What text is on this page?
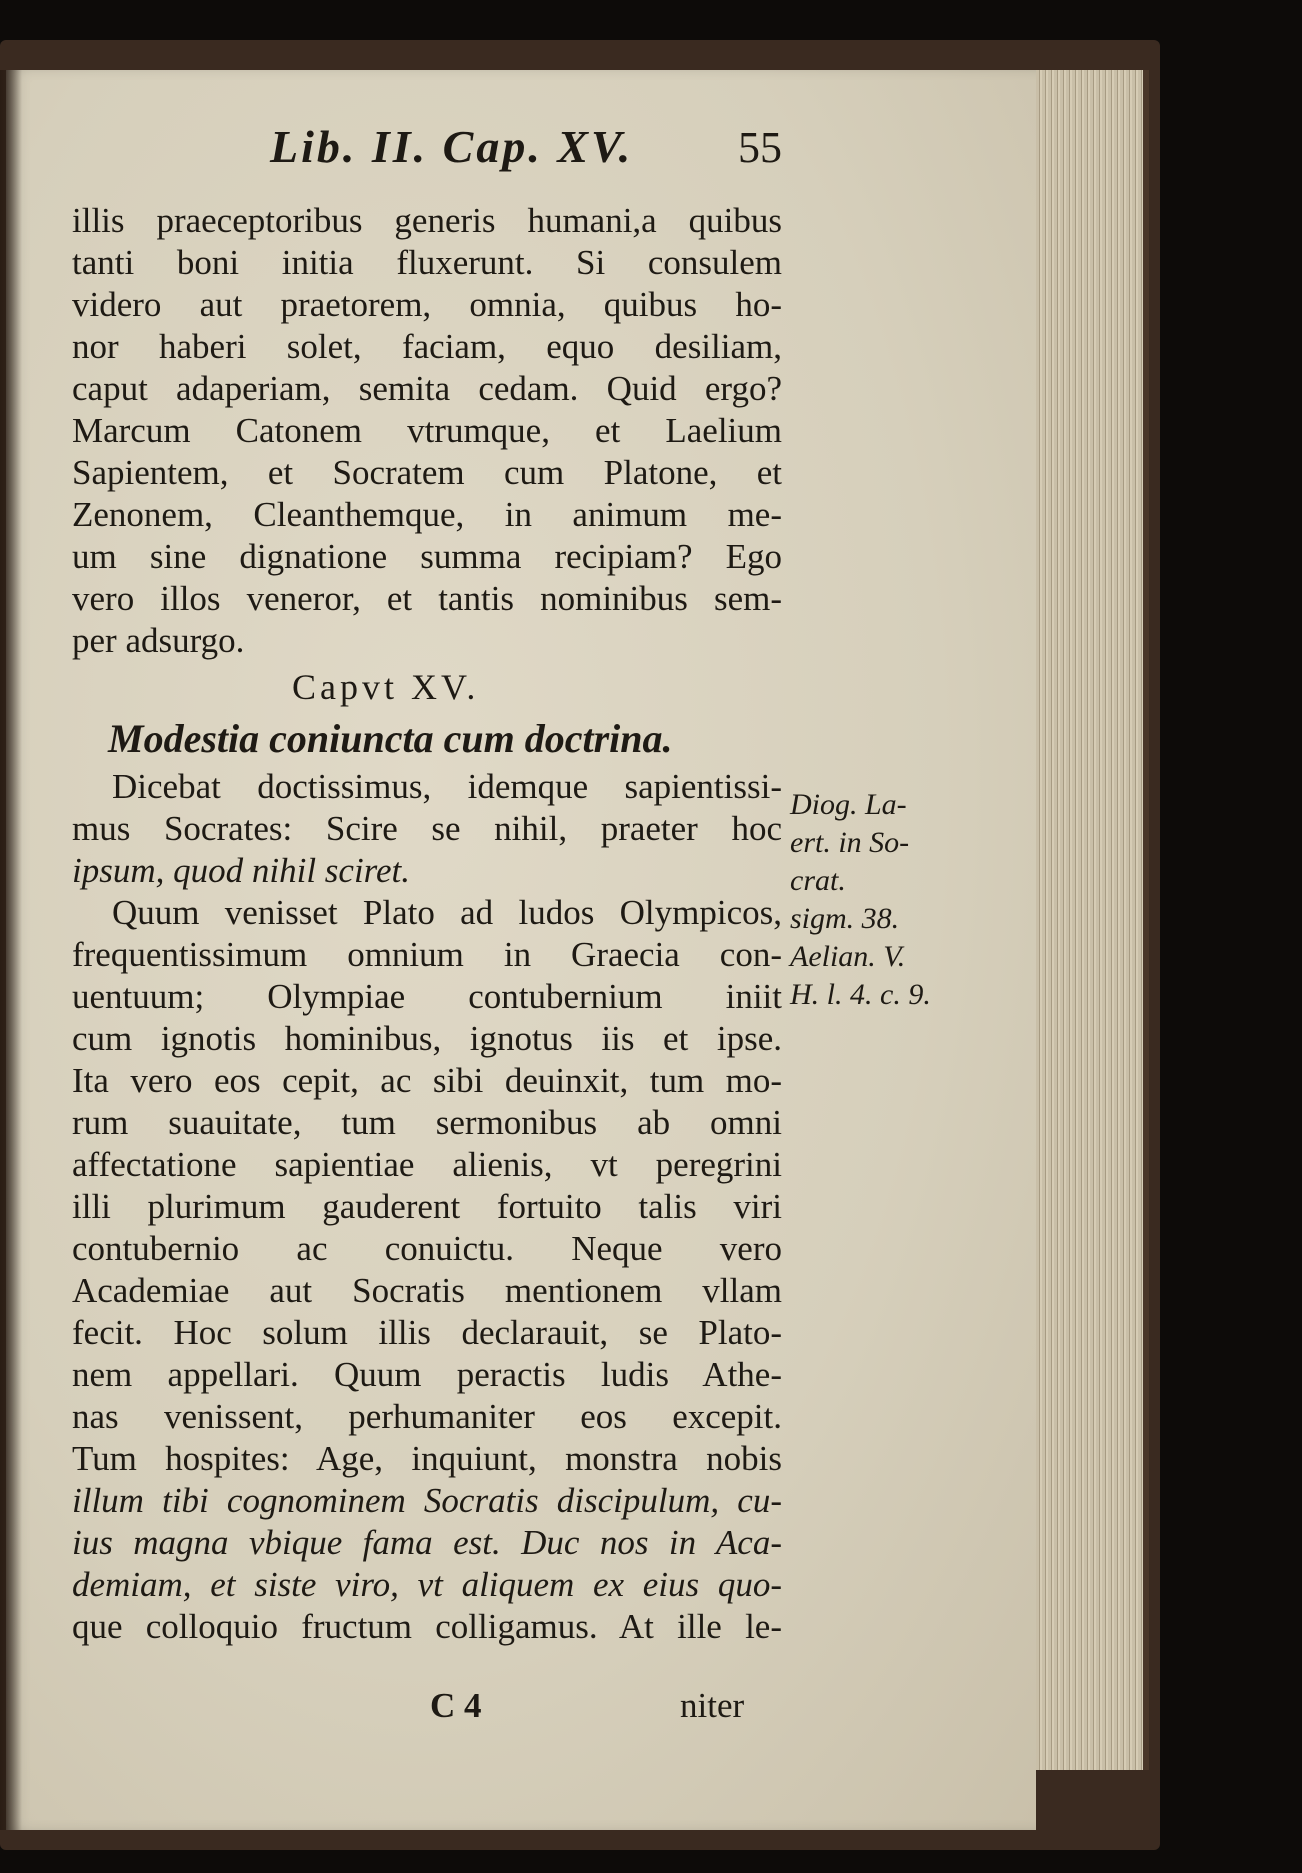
Lib. II. Cap. XV. 55
illis praeceptoribus generis humani,a quibus
tanti boni initia fluxerunt. Si consulem
videro aut praetorem, omnia, quibus ho-
nor haberi solet, faciam, equo desiliam,
caput adaperiam, semita cedam. Quid ergo?
Marcum Catonem vtrumque, et Laelium
Sapientem, et Socratem cum Platone, et
Zenonem, Cleanthemque, in animum me-
um sine dignatione summa recipiam? Ego
vero illos veneror, et tantis nominibus sem-
per adsurgo.
Capvt XV.
Modestia coniuncta cum doctrina.
Dicebat doctissimus, idemque sapientissi-
mus Socrates: Scire se nihil, praeter hoc
ipsum, quod nihil sciret.
Quum venisset Plato ad ludos Olympicos,
frequentissimum omnium in Graecia con-
uentuum; Olympiae contubernium iniit
cum ignotis hominibus, ignotus iis et ipse.
Ita vero eos cepit, ac sibi deuinxit, tum mo-
rum suauitate, tum sermonibus ab omni
affectatione sapientiae alienis, vt peregrini
illi plurimum gauderent fortuito talis viri
contubernio ac conuictu. Neque vero
Academiae aut Socratis mentionem vllam
fecit. Hoc solum illis declarauit, se Plato-
nem appellari. Quum peractis ludis Athe-
nas venissent, perhumaniter eos excepit.
Tum hospites: Age, inquiunt, monstra nobis
illum tibi cognominem Socratis discipulum, cu-
ius magna vbique fama est. Duc nos in Aca-
demiam, et siste viro, vt aliquem ex eius quo-
que colloquio fructum colligamus. At ille le-
Diog. La-
ert. in So-
crat.
sigm. 38.
Aelian. V.
H. l. 4. c. 9.
C 4	niter
